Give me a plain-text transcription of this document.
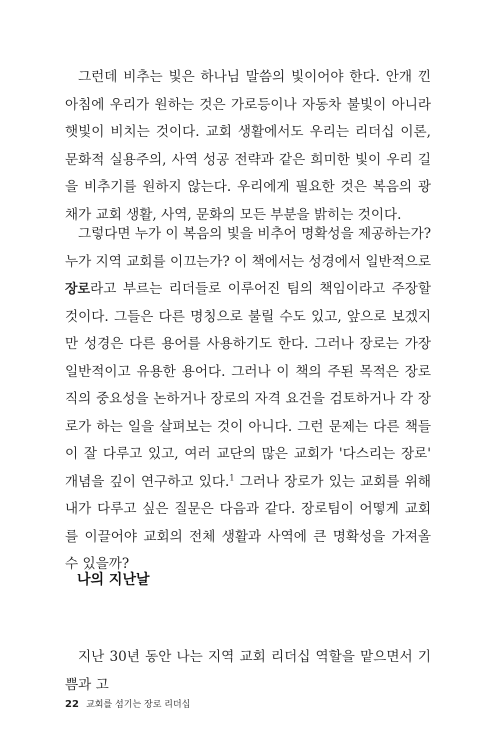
그런데 비추는 빛은 하나님 말씀의 빛이어야 한다. 안개 낀 아침에 우리가 원하는 것은 가로등이나 자동차 불빛이 아니라 햇빛이 비치는 것이다. 교회 생활에서도 우리는 리더십 이론, 문화적 실용주의, 사역 성공 전략과 같은 희미한 빛이 우리 길을 비추기를 원하지 않는다. 우리에게 필요한 것은 복음의 광채가 교회 생활, 사역, 문화의 모든 부분을 밝히는 것이다.

그렇다면 누가 이 복음의 빛을 비추어 명확성을 제공하는가? 누가 지역 교회를 이끄는가? 이 책에서는 성경에서 일반적으로 장로라고 부르는 리더들로 이루어진 팀의 책임이라고 주장할 것이다. 그들은 다른 명칭으로 불릴 수도 있고, 앞으로 보겠지만 성경은 다른 용어를 사용하기도 한다. 그러나 장로는 가장 일반적이고 유용한 용어다. 그러나 이 책의 주된 목적은 장로직의 중요성을 논하거나 장로의 자격 요건을 검토하거나 각 장로가 하는 일을 살펴보는 것이 아니다. 그런 문제는 다른 책들이 잘 다루고 있고, 여러 교단의 많은 교회가 '다스리는 장로' 개념을 깊이 연구하고 있다.$^1$ 그러나 장로가 있는 교회를 위해 내가 다루고 싶은 질문은 다음과 같다. 장로팀이 어떻게 교회를 이끌어야 교회의 전체 생활과 사역에 큰 명확성을 가져올 수 있을까?

나의 지난날

지난 30년 동안 나는 지역 교회 리더십 역할을 맡으면서 기쁨과 고

22 교회를 섬기는 장로 리더십
